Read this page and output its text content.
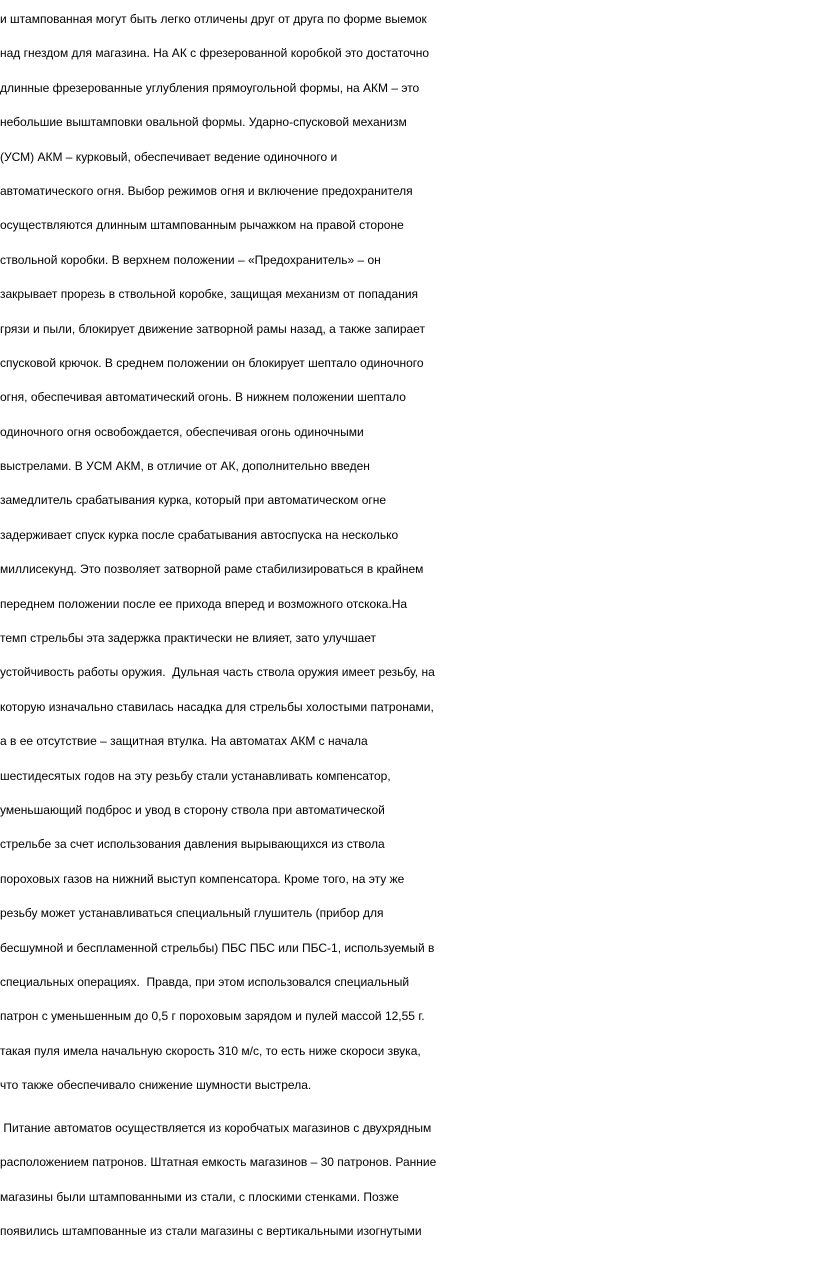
и штампованная могут быть легко отличены друг от друга по форме выемок
над гнездом для магазина. На АК с фрезерованной коробкой это достаточно
длинные фрезерованные углубления прямоугольной формы, на АКМ – это
небольшие выштамповки овальной формы. Ударно-спусковой механизм
(УСМ) АКМ – курковый, обеспечивает ведение одиночного и
автоматического огня. Выбор режимов огня и включение предохранителя
осуществляются длинным штампованным рычажком на правой стороне
ствольной коробки. В верхнем положении – «Предохранитель» – он
закрывает прорезь в ствольной коробке, защищая механизм от попадания
грязи и пыли, блокирует движение затворной рамы назад, а также запирает
спусковой крючок. В среднем положении он блокирует шептало одиночного
огня, обеспечивая автоматический огонь. В нижнем положении шептало
одиночного огня освобождается, обеспечивая огонь одиночными
выстрелами. В УСМ АКМ, в отличие от АК, дополнительно введен
замедлитель срабатывания курка, который при автоматическом огне
задерживает спуск курка после срабатывания автоспуска на несколько
миллисекунд. Это позволяет затворной раме стабилизироваться в крайнем
переднем положении после ее прихода вперед и возможного отскока.На
темп стрельбы эта задержка практически не влияет, зато улучшает
устойчивость работы оружия.  Дульная часть ствола оружия имеет резьбу, на
которую изначально ставилась насадка для стрельбы холостыми патронами,
а в ее отсутствие – защитная втулка. На автоматах АКМ с начала
шестидесятых годов на эту резьбу стали устанавливать компенсатор,
уменьшающий подброс и увод в сторону ствола при автоматической
стрельбе за счет использования давления вырывающихся из ствола
пороховых газов на нижний выступ компенсатора. Кроме того, на эту же
резьбу может устанавливаться специальный глушитель (прибор для
бесшумной и беспламенной стрельбы) ПБС ПБС или ПБС-1, используемый в
специальных операциях.  Правда, при этом использовался специальный
патрон с уменьшенным до 0,5 г пороховым зарядом и пулей массой 12,55 г.
такая пуля имела начальную скорость 310 м/с, то есть ниже скороси звука,
что также обеспечивало снижение шумности выстрела.
Питание автоматов осуществляется из коробчатых магазинов с двухрядным
расположением патронов. Штатная емкость магазинов – 30 патронов. Ранние
магазины были штампованными из стали, с плоскими стенками. Позже
появились штампованные из стали магазины с вертикальными изогнутыми
